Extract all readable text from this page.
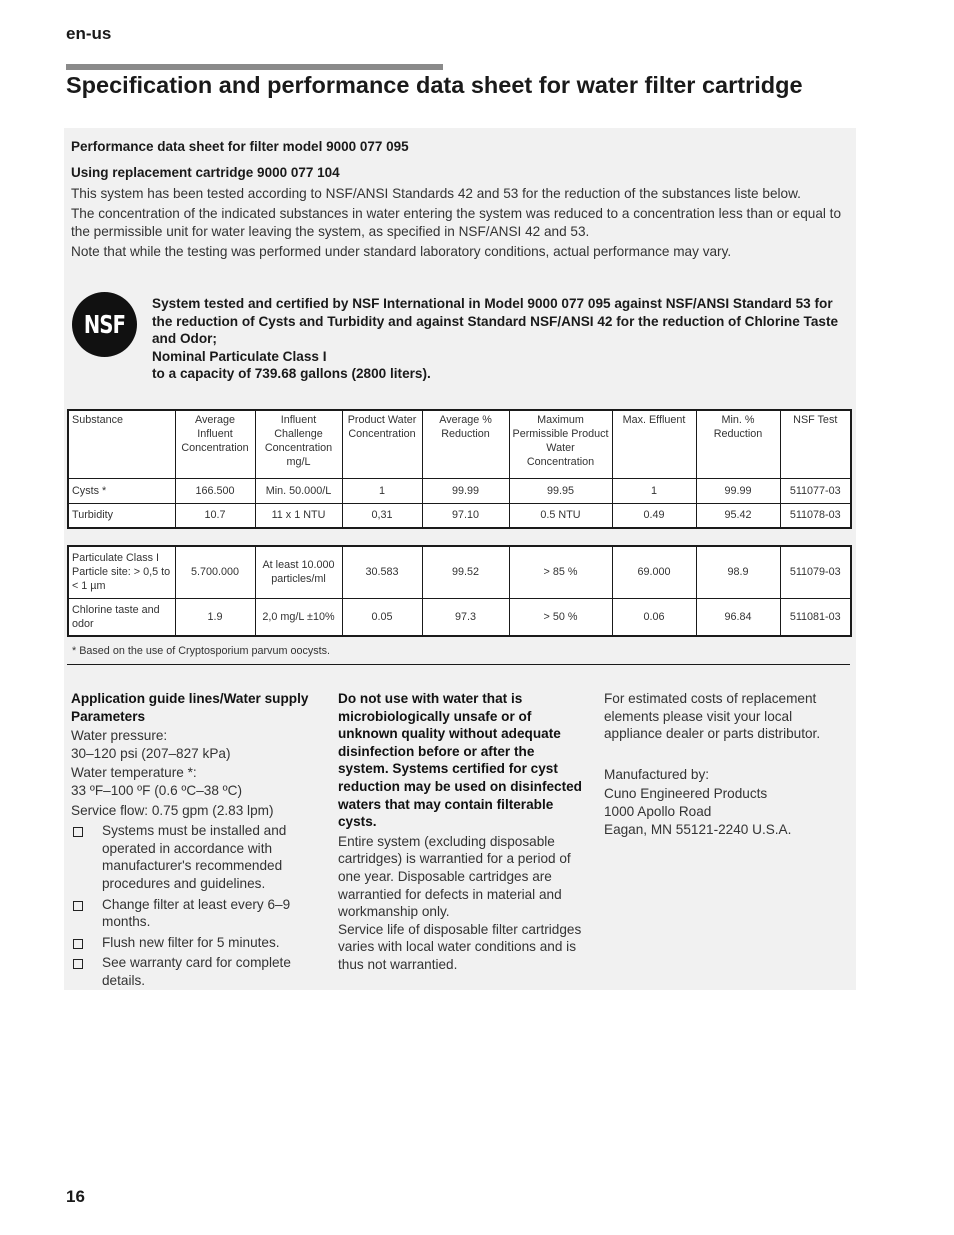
en-us
Specification and performance data sheet for water filter cartridge
Performance data sheet for filter model 9000 077 095
Using replacement cartridge 9000 077 104
This system has been tested according to NSF/ANSI Standards 42 and 53 for the reduction of the substances liste below.
The concentration of the indicated substances in water entering the system was reduced to a concentration less than or equal to the permissible unit for water leaving the system, as specified in NSF/ANSI 42 and 53.
Note that while the testing was performed under standard laboratory conditions, actual performance may vary.
NSF
System tested and certified by NSF International in Model 9000 077 095 against NSF/ANSI Standard 53 for the reduction of Cysts and Turbidity and against Standard NSF/ANSI 42 for the reduction of Chlorine Taste and Odor;
Nominal Particulate Class I
to a capacity of 739.68 gallons (2800 liters).
Substance	Average Influent Concentration	Influent Challenge Concentration mg/L	Product Water Concentration	Average % Reduction	Maximum Permissible Product Water Concentration	Max. Effluent	Min. % Reduction	NSF Test
Cysts *	166.500	Min. 50.000/L	1	99.99	99.95	1	99.99	511077-03
Turbidity	10.7	11 x 1 NTU	0,31	97.10	0.5 NTU	0.49	95.42	511078-03
Particulate Class I Particle site: > 0,5 to < 1 µm	5.700.000	At least 10.000 particles/ml	30.583	99.52	> 85 %	69.000	98.9	511079-03
Chlorine taste and odor	1.9	2,0 mg/L ±10%	0.05	97.3	> 50 %	0.06	96.84	511081-03
* Based on the use of Cryptosporium parvum oocysts.

Application guide lines/Water supply Parameters

Water pressure:

30–120 psi (207–827 kPa)

Water temperature *:

33 ºF–100 ºF (0.6 ºC–38 ºC)

Service flow: 0.75 gpm (2.83 lpm)

Systems must be installed and operated in accordance with manufacturer's recommended procedures and guidelines.
Change filter at least every 6–9 months.
Flush new filter for 5 minutes.
See warranty card for complete details.

Do not use with water that is microbiologically unsafe or of unknown quality without adequate disinfection before or after the system. Systems certified for cyst reduction may be used on disinfected waters that may contain filterable cysts.

Entire system (excluding disposable cartridges) is warrantied for a period of one year. Disposable cartridges are warrantied for defects in material and workmanship only.

Service life of disposable filter cartridges varies with local water conditions and is thus not warrantied.

For estimated costs of replacement elements please visit your local appliance dealer or parts distributor.

Manufactured by:

Cuno Engineered Products

1000 Apollo Road

Eagan, MN 55121-2240 U.S.A.

16
